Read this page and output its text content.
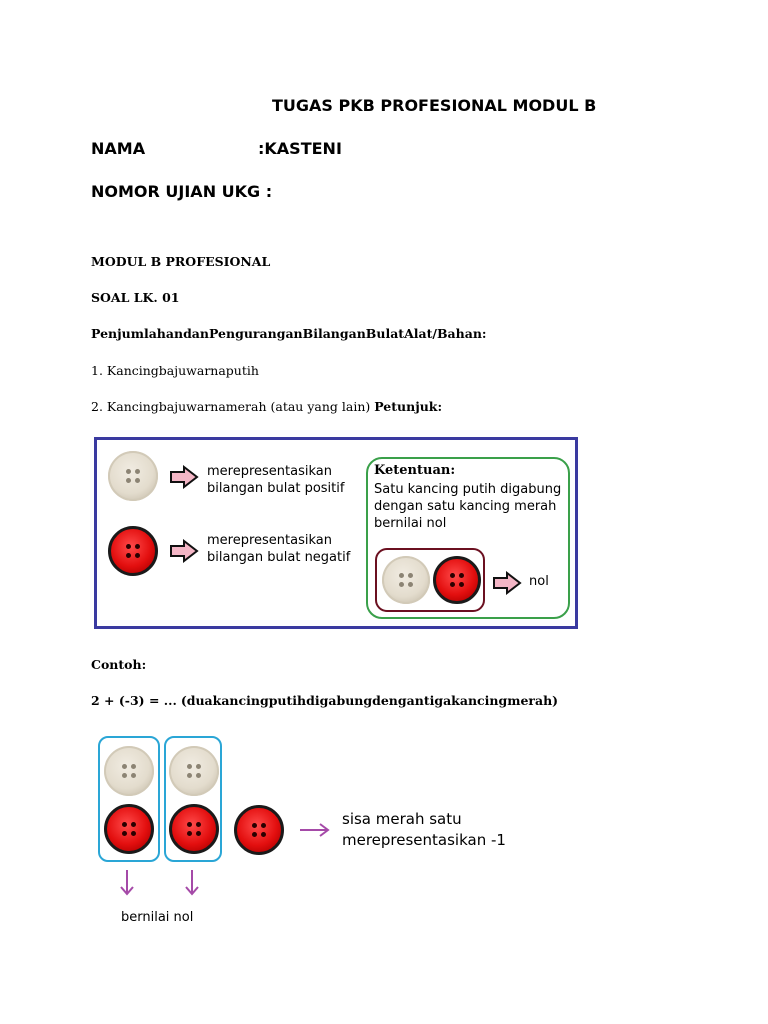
TUGAS PKB PROFESIONAL MODUL B
NAMA	:KASTENI
NOMOR UJIAN UKG :
MODUL B PROFESIONAL
SOAL LK. 01
PenjumlahandanPenguranganBilanganBulatAlat/Bahan:
1. Kancingbajuwarnaputih
2. Kancingbajuwarnamerah (atau yang lain) Petunjuk:
merepresentasikan
bilangan bulat positif
merepresentasikan
bilangan bulat negatif
Ketentuan:
Satu kancing putih digabung
dengan satu kancing merah
bernilai nol
nol
Contoh:
2 + (-3) = ... (duakancingputihdigabungdengantigakancingmerah)
sisa merah satu
merepresentasikan -1
bernilai nol
